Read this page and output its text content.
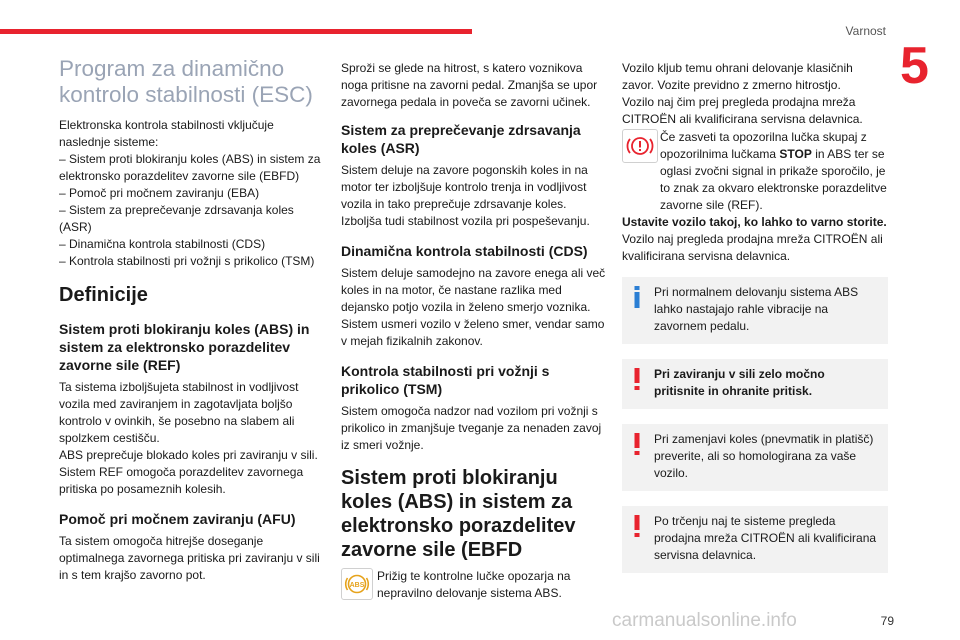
Varnost
5
Program za dinamično kontrolo stabilnosti (ESC)

Elektronska kontrola stabilnosti vključuje naslednje sisteme:

– Sistem proti blokiranju koles (ABS) in sistem za elektronsko porazdelitev zavorne sile (EBFD)

– Pomoč pri močnem zaviranju (EBA)

– Sistem za preprečevanje zdrsavanja koles (ASR)

– Dinamična kontrola stabilnosti (CDS)

– Kontrola stabilnosti pri vožnji s prikolico (TSM)

Definicije
Sistem proti blokiranju koles (ABS) in sistem za elektronsko porazdelitev zavorne sile (REF)

Ta sistema izboljšujeta stabilnost in vodljivost vozila med zaviranjem in zagotavljata boljšo kontrolo v ovinkih, še posebno na slabem ali spolzkem cestišču.

ABS preprečuje blokado koles pri zaviranju v sili. Sistem REF omogoča porazdelitev zavornega pritiska po posameznih kolesih.

Pomoč pri močnem zaviranju (AFU)

Ta sistem omogoča hitrejše doseganje optimalnega zavornega pritiska pri zaviranju v sili in s tem krajšo zavorno pot.

Sproži se glede na hitrost, s katero voznikova noga pritisne na zavorni pedal. Zmanjša se upor zavornega pedala in poveča se zavorni učinek.

Sistem za preprečevanje zdrsavanja koles (ASR)

Sistem deluje na zavore pogonskih koles in na motor ter izboljšuje kontrolo trenja in vodljivost vozila in tako preprečuje zdrsavanje koles. Izboljša tudi stabilnost vozila pri pospeševanju.

Dinamična kontrola stabilnosti (CDS)

Sistem deluje samodejno na zavore enega ali več koles in na motor, če nastane razlika med dejansko potjo vozila in želeno smerjo voznika. Sistem usmeri vozilo v želeno smer, vendar samo v mejah fizikalnih zakonov.

Kontrola stabilnosti pri vožnji s prikolico (TSM)

Sistem omogoča nadzor nad vozilom pri vožnji s prikolico in zmanjšuje tveganje za nenaden zavoj iz smeri vožnje.

Sistem proti blokiranju koles (ABS) in sistem za elektronsko porazdelitev zavorne sile (EBFD
ABS

Prižig te kontrolne lučke opozarja na nepravilno delovanje sistema ABS.

Vozilo kljub temu ohrani delovanje klasičnih zavor. Vozite previdno z zmerno hitrostjo.

Vozilo naj čim prej pregleda prodajna mreža CITROËN ali kvalificirana servisna delavnica.

Če zasveti ta opozorilna lučka skupaj z opozorilnima lučkama STOP in ABS ter se oglasi zvočni signal in prikaže sporočilo, je to znak za okvaro elektronske porazdelitve zavorne sile (REF).

Ustavite vozilo takoj, ko lahko to varno storite.

Vozilo naj pregleda prodajna mreža CITROËN ali kvalificirana servisna delavnica.

Pri normalnem delovanju sistema ABS lahko nastajajo rahle vibracije na zavornem pedalu.

Pri zaviranju v sili zelo močno pritisnite in ohranite pritisk.

Pri zamenjavi koles (pnevmatik in platišč) preverite, ali so homologirana za vaše vozilo.

Po trčenju naj te sisteme pregleda prodajna mreža CITROËN ali kvalificirana servisna delavnica.

carmanualsonline.info	79
